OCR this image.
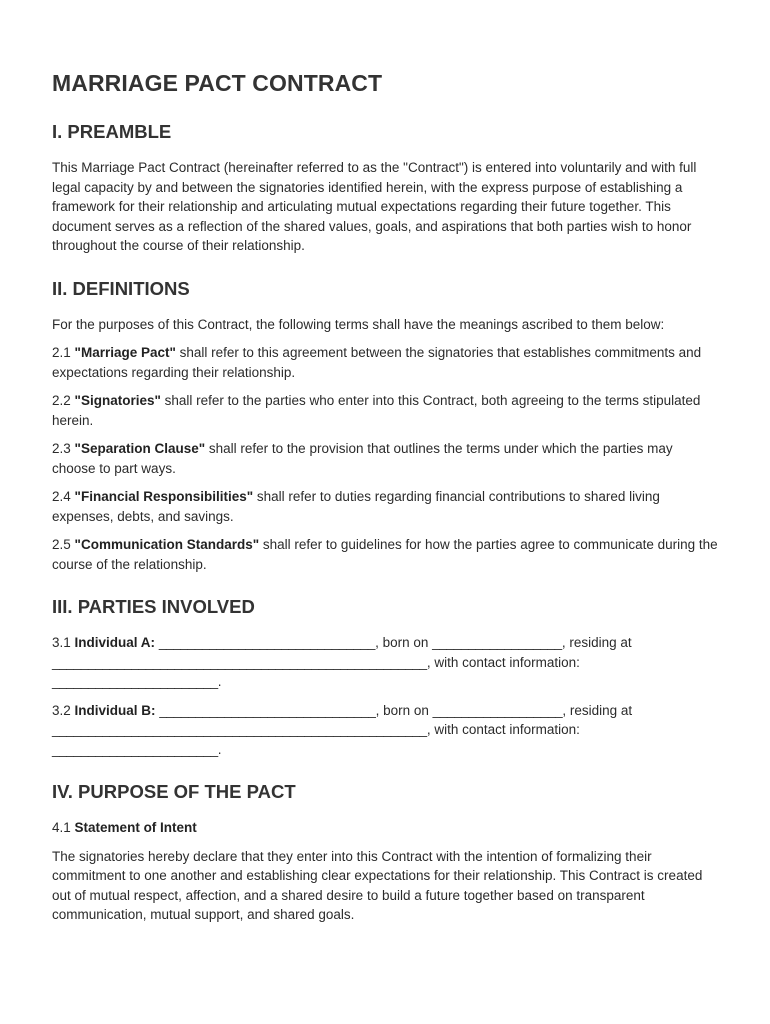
MARRIAGE PACT CONTRACT
I. PREAMBLE

This Marriage Pact Contract (hereinafter referred to as the "Contract") is entered into voluntarily and with full legal capacity by and between the signatories identified herein, with the express purpose of establishing a framework for their relationship and articulating mutual expectations regarding their future together. This document serves as a reflection of the shared values, goals, and aspirations that both parties wish to honor throughout the course of their relationship.

II. DEFINITIONS

For the purposes of this Contract, the following terms shall have the meanings ascribed to them below:

2.1 "Marriage Pact" shall refer to this agreement between the signatories that establishes commitments and expectations regarding their relationship.

2.2 "Signatories" shall refer to the parties who enter into this Contract, both agreeing to the terms stipulated herein.

2.3 "Separation Clause" shall refer to the provision that outlines the terms under which the parties may choose to part ways.

2.4 "Financial Responsibilities" shall refer to duties regarding financial contributions to shared living expenses, debts, and savings.

2.5 "Communication Standards" shall refer to guidelines for how the parties agree to communicate during the course of the relationship.

III. PARTIES INVOLVED

3.1 Individual A: ______________________________, born on __________________, residing at ____________________________________________________, with contact information: _______________________.

3.2 Individual B: ______________________________, born on __________________, residing at ____________________________________________________, with contact information: _______________________.

IV. PURPOSE OF THE PACT

4.1 Statement of Intent

The signatories hereby declare that they enter into this Contract with the intention of formalizing their commitment to one another and establishing clear expectations for their relationship. This Contract is created out of mutual respect, affection, and a shared desire to build a future together based on transparent communication, mutual support, and shared goals.
